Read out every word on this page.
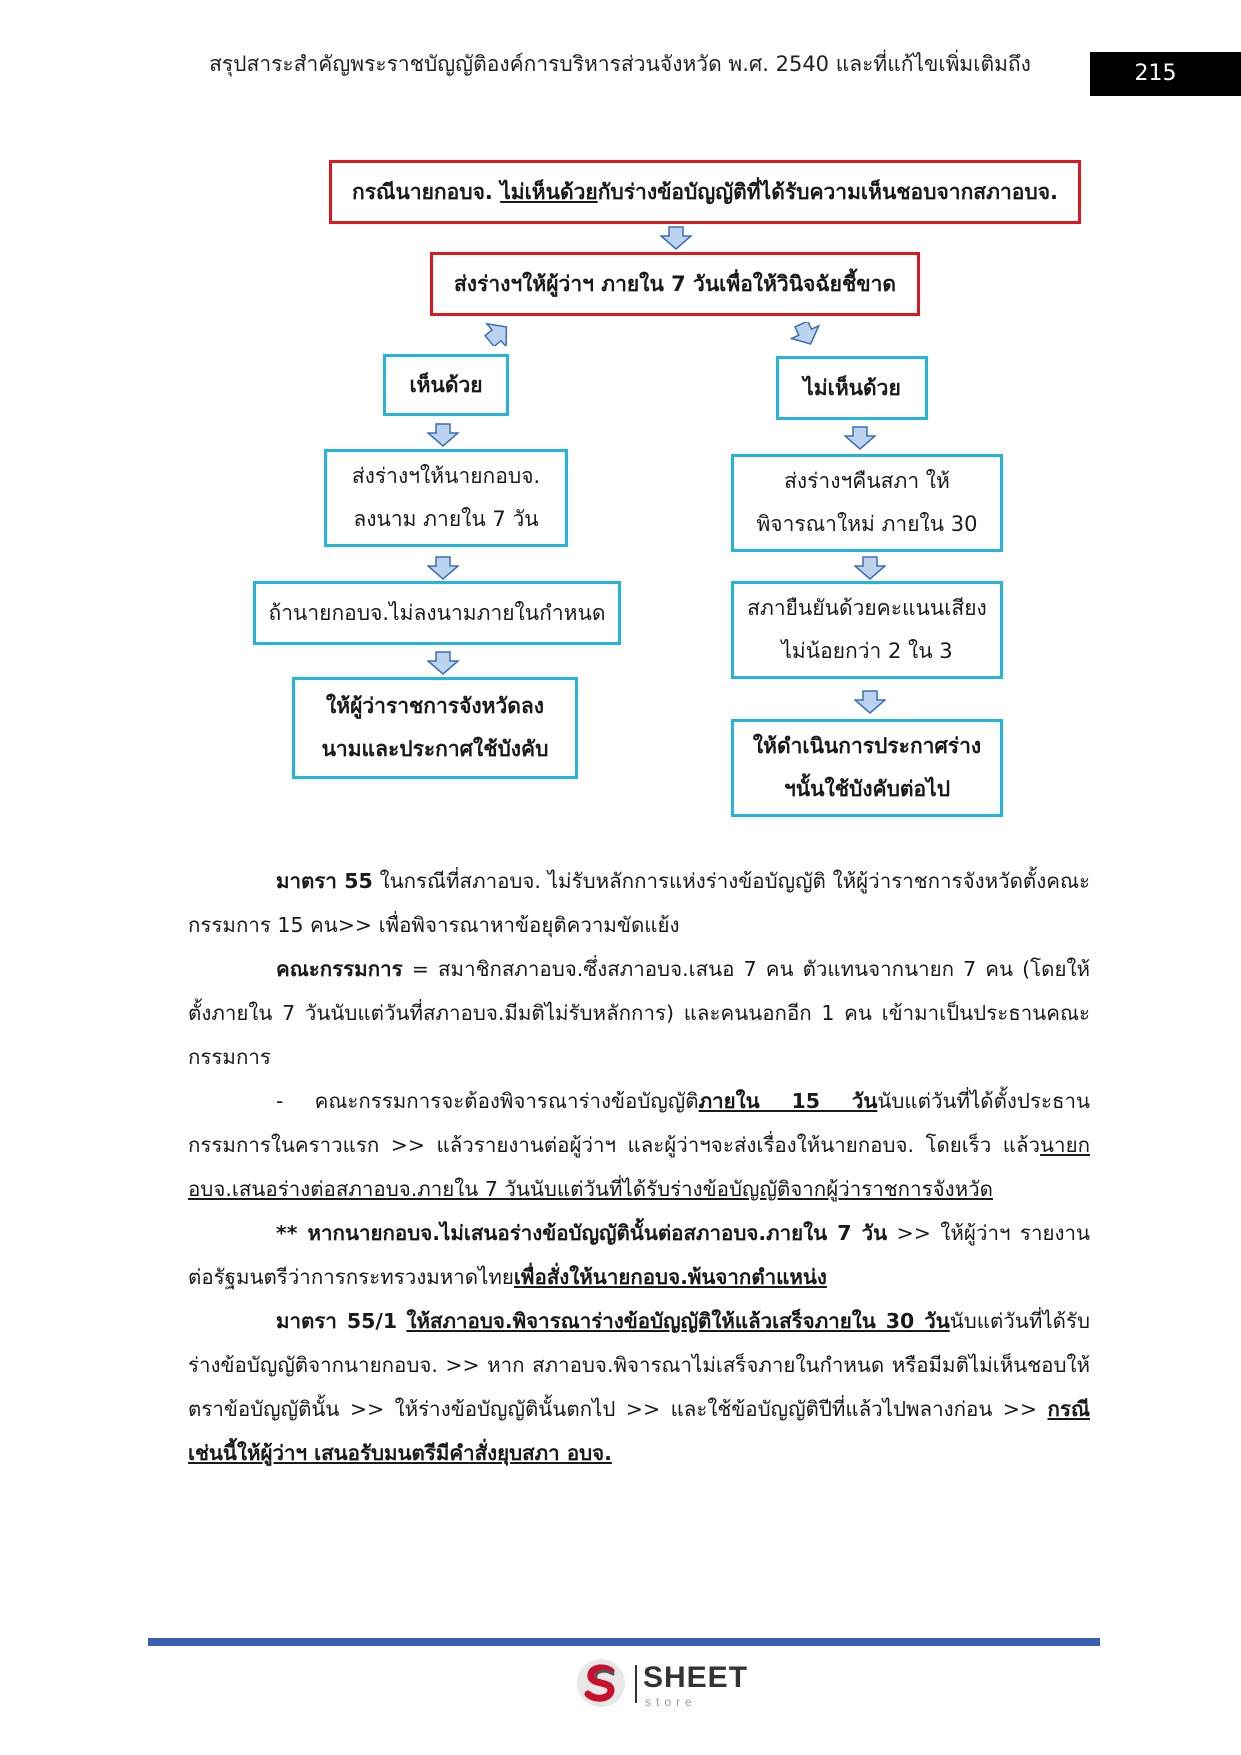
สรุปสาระสำคัญพระราชบัญญัติองค์การบริหารส่วนจังหวัด พ.ศ. 2540 และที่แก้ไขเพิ่มเติมถึง	215
กรณีนายกอบจ. ไม่เห็นด้วยกับร่างข้อบัญญัติที่ได้รับความเห็นชอบจากสภาอบจ.
ส่งร่างฯให้ผู้ว่าฯ ภายใน 7 วันเพื่อให้วินิจฉัยชี้ขาด
เห็นด้วย
ส่งร่างฯให้นายกอบจ.
ลงนาม ภายใน 7 วัน
ถ้านายกอบจ.ไม่ลงนามภายในกำหนด
ให้ผู้ว่าราชการจังหวัดลง
นามและประกาศใช้บังคับ
ไม่เห็นด้วย
ส่งร่างฯคืนสภา ให้
พิจารณาใหม่ ภายใน 30
สภายืนยันด้วยคะแนนเสียง
ไม่น้อยกว่า 2 ใน 3
ให้ดำเนินการประกาศร่าง
ฯนั้นใช้บังคับต่อไป

มาตรา 55 ในกรณีที่สภาอบจ. ไม่รับหลักการแห่งร่างข้อบัญญัติ ให้ผู้ว่าราชการจังหวัดตั้งคณะกรรมการ 15 คน>> เพื่อพิจารณาหาข้อยุติความขัดแย้ง

คณะกรรมการ = สมาชิกสภาอบจ.ซึ่งสภาอบจ.เสนอ 7 คน ตัวแทนจากนายก 7 คน (โดยให้ตั้งภายใน 7 วันนับแต่วันที่สภาอบจ.มีมติไม่รับหลักการ) และคนนอกอีก 1 คน เข้ามาเป็นประธานคณะกรรมการ

- คณะกรรมการจะต้องพิจารณาร่างข้อบัญญัติภายใน 15 วันนับแต่วันที่ได้ตั้งประธานกรรมการในคราวแรก >> แล้วรายงานต่อผู้ว่าฯ และผู้ว่าฯจะส่งเรื่องให้นายกอบจ. โดยเร็ว แล้วนายกอบจ.เสนอร่างต่อสภาอบจ.ภายใน 7 วันนับแต่วันที่ได้รับร่างข้อบัญญัติจากผู้ว่าราชการจังหวัด

** หากนายกอบจ.ไม่เสนอร่างข้อบัญญัตินั้นต่อสภาอบจ.ภายใน 7 วัน >> ให้ผู้ว่าฯ รายงานต่อรัฐมนตรีว่าการกระทรวงมหาดไทยเพื่อสั่งให้นายกอบจ.พ้นจากตำแหน่ง

มาตรา 55/1 ให้สภาอบจ.พิจารณาร่างข้อบัญญัติให้แล้วเสร็จภายใน 30 วันนับแต่วันที่ได้รับร่างข้อบัญญัติจากนายกอบจ. >> หาก สภาอบจ.พิจารณาไม่เสร็จภายในกำหนด หรือมีมติไม่เห็นชอบให้ตราข้อบัญญัตินั้น >> ให้ร่างข้อบัญญัตินั้นตกไป >> และใช้ข้อบัญญัติปีที่แล้วไปพลางก่อน >> กรณีเช่นนี้ให้ผู้ว่าฯ เสนอรับมนตรีมีคำสั่งยุบสภา อบจ.

SHEET
store
